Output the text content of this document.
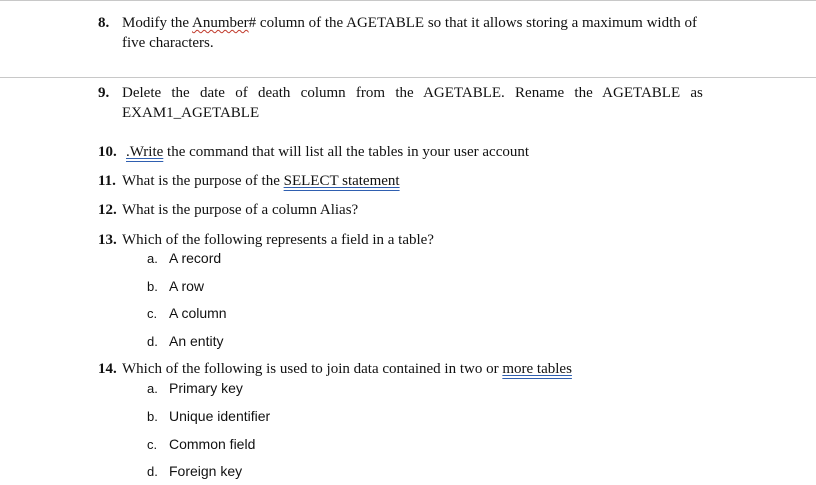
8. Modify the Anumber# column of the AGETABLE so that it allows storing a maximum width of
five characters.
9. Delete the date of death column from the AGETABLE. Rename the AGETABLE as
EXAM1_AGETABLE
10. .Write the command that will list all the tables in your user account
11. What is the purpose of the SELECT statement
12. What is the purpose of a column Alias?
13. Which of the following represents a field in a table?
a. A record
b. A row
c. A column
d. An entity
14. Which of the following is used to join data contained in two or more tables
a. Primary key
b. Unique identifier
c. Common field
d. Foreign key
